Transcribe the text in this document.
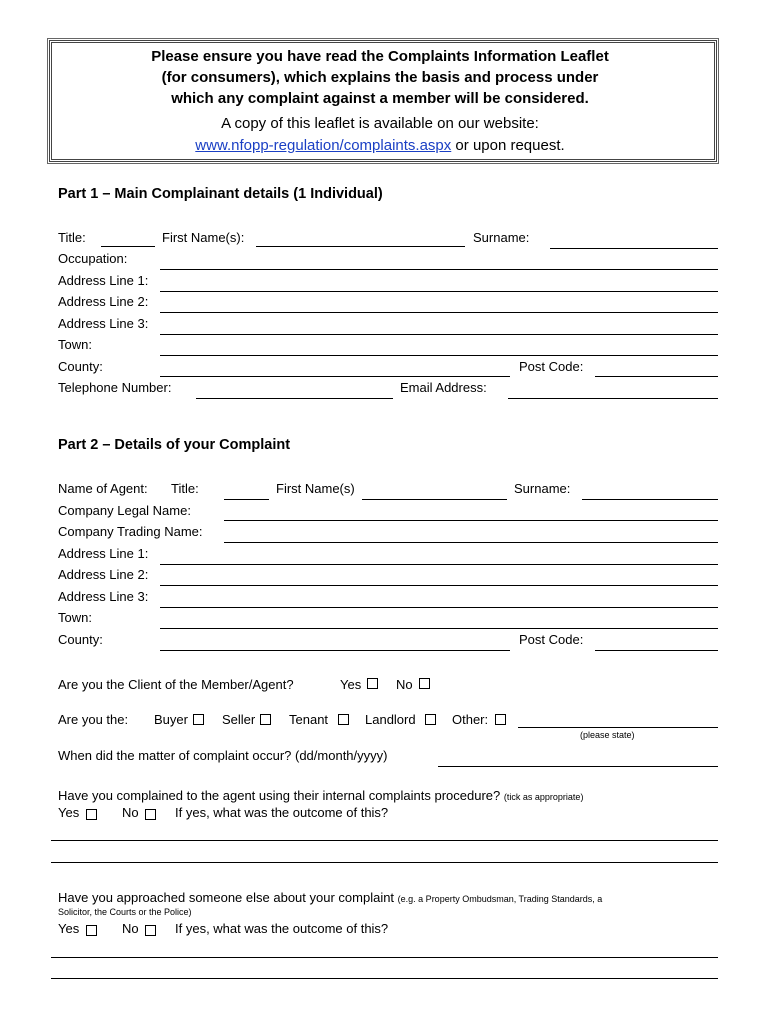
Please ensure you have read the Complaints Information Leaflet
(for consumers), which explains the basis and process under
which any complaint against a member will be considered.
A copy of this leaflet is available on our website:
www.nfopp-regulation/complaints.aspx or upon request.
Part 1 – Main Complainant details (1 Individual)
Title:	First Name(s):	Surname:
Occupation:
Address Line 1:
Address Line 2:
Address Line 3:
Town:
County:	Post Code:
Telephone Number:	Email Address:
Part 2 – Details of your Complaint
Name of Agent: Title:	First Name(s)	Surname:
Company Legal Name:
Company Trading Name:
Address Line 1:
Address Line 2:
Address Line 3:
Town:
County:	Post Code:
Are you the Client of the Member/Agent?	Yes	No
Are you the: Buyer	Seller	Tenant	Landlord	Other:
(please state)
When did the matter of complaint occur? (dd/month/yyyy)
Have you complained to the agent using their internal complaints procedure? (tick as appropriate)
Yes	No	If yes, what was the outcome of this?
Have you approached someone else about your complaint (e.g. a Property Ombudsman, Trading Standards, a
Solicitor, the Courts or the Police)
Yes	No	If yes, what was the outcome of this?
